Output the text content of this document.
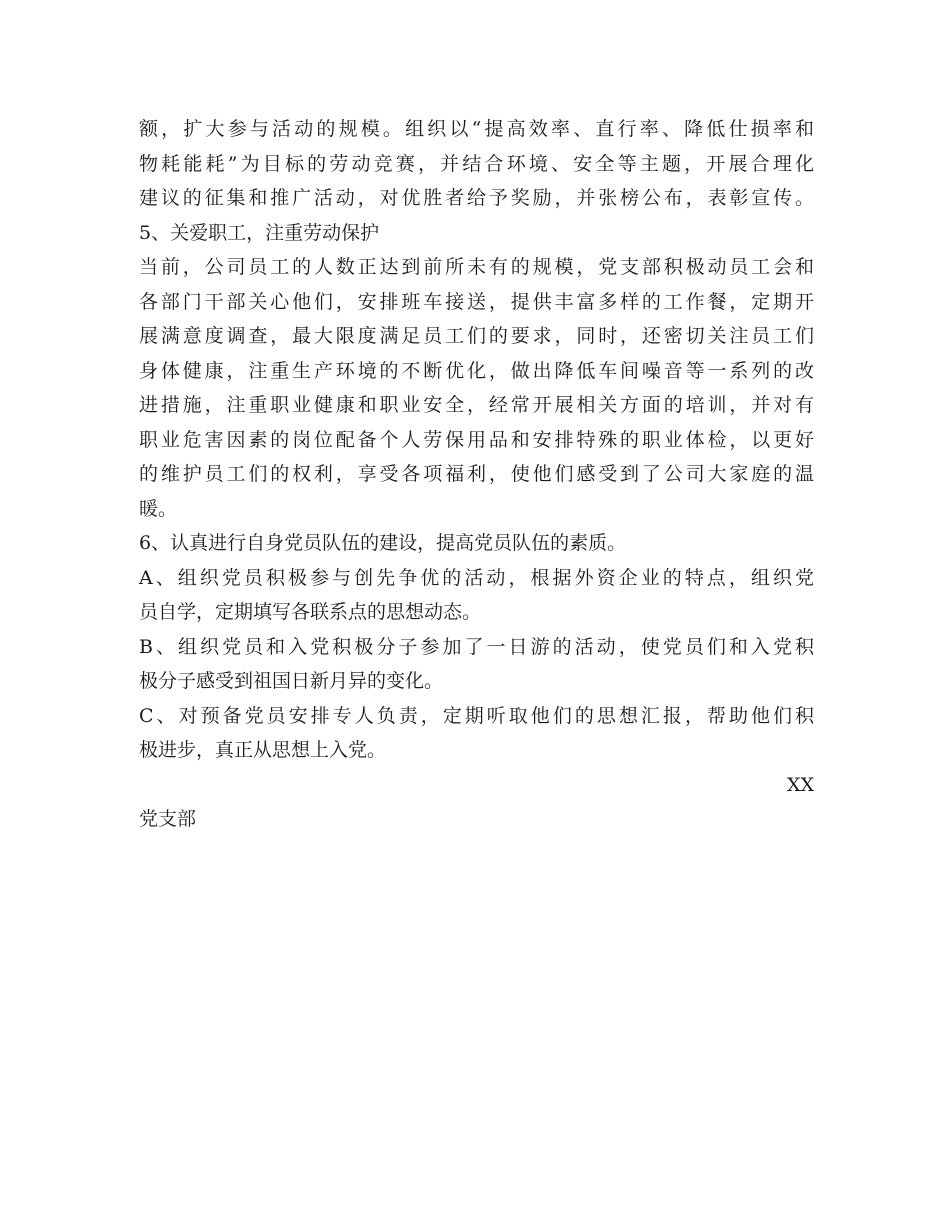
额，扩大参与活动的规模。组织以“提高效率、直行率、降低仕损率和
物耗能耗”为目标的劳动竞赛，并结合环境、安全等主题，开展合理化
建议的征集和推广活动，对优胜者给予奖励，并张榜公布，表彰宣传。
5、关爱职工，注重劳动保护
当前，公司员工的人数正达到前所未有的规模，党支部积极动员工会和
各部门干部关心他们，安排班车接送，提供丰富多样的工作餐，定期开
展满意度调查，最大限度满足员工们的要求，同时，还密切关注员工们
身体健康，注重生产环境的不断优化，做出降低车间噪音等一系列的改
进措施，注重职业健康和职业安全，经常开展相关方面的培训，并对有
职业危害因素的岗位配备个人劳保用品和安排特殊的职业体检，以更好
的维护员工们的权利，享受各项福利，使他们感受到了公司大家庭的温
暖。
6、认真进行自身党员队伍的建设，提高党员队伍的素质。
A、组织党员积极参与创先争优的活动，根据外资企业的特点，组织党
员自学，定期填写各联系点的思想动态。
B、组织党员和入党积极分子参加了一日游的活动，使党员们和入党积
极分子感受到祖国日新月异的变化。
C、对预备党员安排专人负责，定期听取他们的思想汇报，帮助他们积
极进步，真正从思想上入党。
XX
党支部
